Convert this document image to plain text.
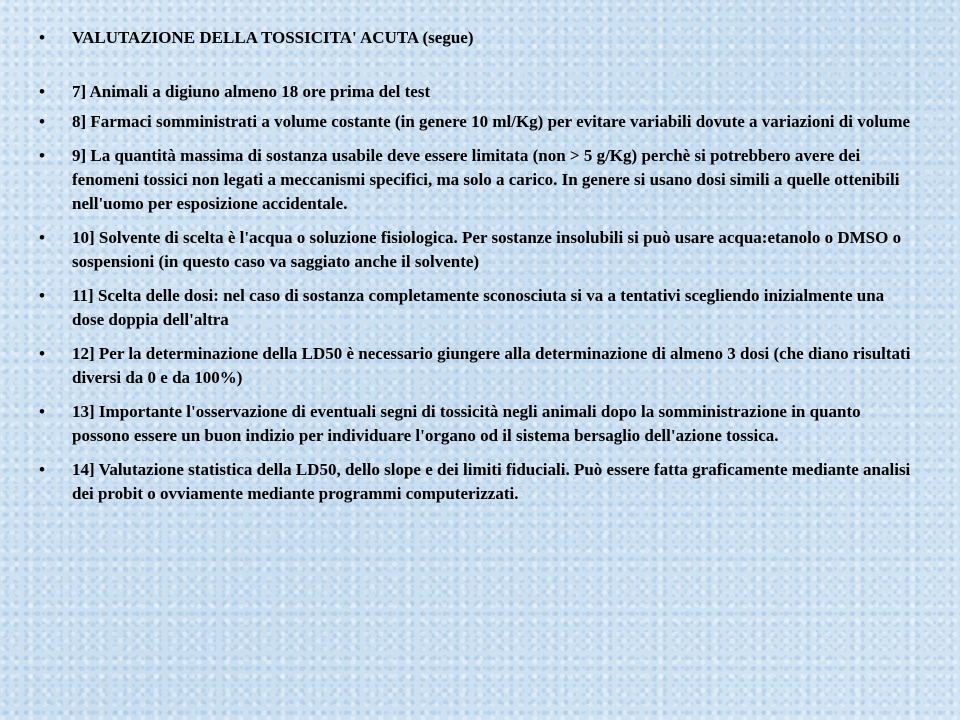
• VALUTAZIONE DELLA TOSSICITA' ACUTA (segue)
• 7] Animali a digiuno almeno 18 ore prima del test
• 8] Farmaci somministrati a volume costante (in genere 10 ml/Kg) per evitare variabili dovute a variazioni di volume
• 9] La quantità massima di sostanza usabile deve essere limitata (non > 5 g/Kg) perchè si potrebbero avere dei fenomeni tossici non legati a meccanismi specifici, ma solo a carico. In genere si usano dosi simili a quelle ottenibili nell'uomo per esposizione accidentale.
• 10] Solvente di scelta è l'acqua o soluzione fisiologica. Per sostanze insolubili si può usare acqua:etanolo o DMSO o sospensioni (in questo caso va saggiato anche il solvente)
• 11] Scelta delle dosi: nel caso di sostanza completamente sconosciuta si va a tentativi scegliendo inizialmente una dose doppia dell'altra
• 12] Per la determinazione della LD50 è necessario giungere alla determinazione di almeno 3 dosi (che diano risultati diversi da 0 e da 100%)
• 13] Importante l'osservazione di eventuali segni di tossicità negli animali dopo la somministrazione in quanto possono essere un buon indizio per individuare l'organo od il sistema bersaglio dell'azione tossica.
• 14] Valutazione statistica della LD50, dello slope e dei limiti fiduciali. Può essere fatta graficamente mediante analisi dei probit o ovviamente mediante programmi computerizzati.
